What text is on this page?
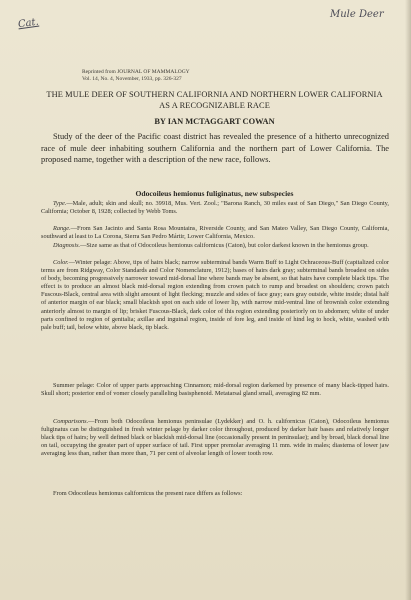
Cat.
Mule Deer
Reprinted from JOURNAL OF MAMMALOGY
Vol. 14, No. 4, November, 1933, pp. 326-327
THE MULE DEER OF SOUTHERN CALIFORNIA AND NORTHERN LOWER CALIFORNIA AS A RECOGNIZABLE RACE
BY IAN MCTAGGART COWAN
Study of the deer of the Pacific coast district has revealed the presence of a hitherto unrecognized race of mule deer inhabiting southern California and the northern part of Lower California. The proposed name, together with a description of the new race, follows.
Odocoileus hemionus fuliginatus, new subspecies
Type.—Male, adult; skin and skull; no. 39918, Mus. Vert. Zool.; "Barona Ranch, 30 miles east of San Diego," San Diego County, California; October 8, 1928; collected by Webb Toms.
Range.—From San Jacinto and Santa Rosa Mountains, Riverside County, and San Mateo Valley, San Diego County, California, southward at least to La Corona, Sierra San Pedro Mártir, Lower California, Mexico.
Diagnosis.—Size same as that of Odocoileus hemionus californicus (Caton), but color darkest known in the hemionus group.
Color.—Winter pelage: Above, tips of hairs black; narrow subterminal bands Warm Buff to Light Ochraceous-Buff (capitalized color terms are from Ridgway, Color Standards and Color Nomenclature, 1912); bases of hairs dark gray; subterminal bands broadest on sides of body, becoming progressively narrower toward mid-dorsal line where bands may be absent, so that hairs have complete black tips. The effect is to produce an almost black mid-dorsal region extending from crown patch to rump and broadest on shoulders; crown patch Fuscous-Black, central area with slight amount of light flecking; muzzle and sides of face gray; ears gray outside, white inside; distal half of anterior margin of ear black; small blackish spot on each side of lower lip, with narrow mid-ventral line of brownish color extending anteriorly almost to margin of lip; brisket Fuscous-Black, dark color of this region extending posteriorly on to abdomen; white of under parts confined to region of genitalia; axillae and inguinal region, inside of fore leg, and inside of hind leg to hock, white, washed with pale buff; tail, below white, above black, tip black.
Summer pelage: Color of upper parts approaching Cinnamon; mid-dorsal region darkened by presence of many black-tipped hairs. Skull short; posterior end of vomer closely paralleling basisphenoid. Metatarsal gland small, averaging 82 mm.
Comparisons.—From both Odocoileus hemionus peninsulae (Lydekker) and O. h. californicus (Caton), Odocoileus hemionus fuliginatus can be distinguished in fresh winter pelage by darker color throughout, produced by darker hair bases and relatively longer black tips of hairs; by well defined black or blackish mid-dorsal line (occasionally present in peninsulae); and by broad, black dorsal line on tail, occupying the greater part of upper surface of tail. First upper premolar averaging 11 mm. wide in males; diastema of lower jaw averaging less than, rather than more than, 71 per cent of alveolar length of lower tooth row.
From Odocoileus hemionus californicus the present race differs as follows:
